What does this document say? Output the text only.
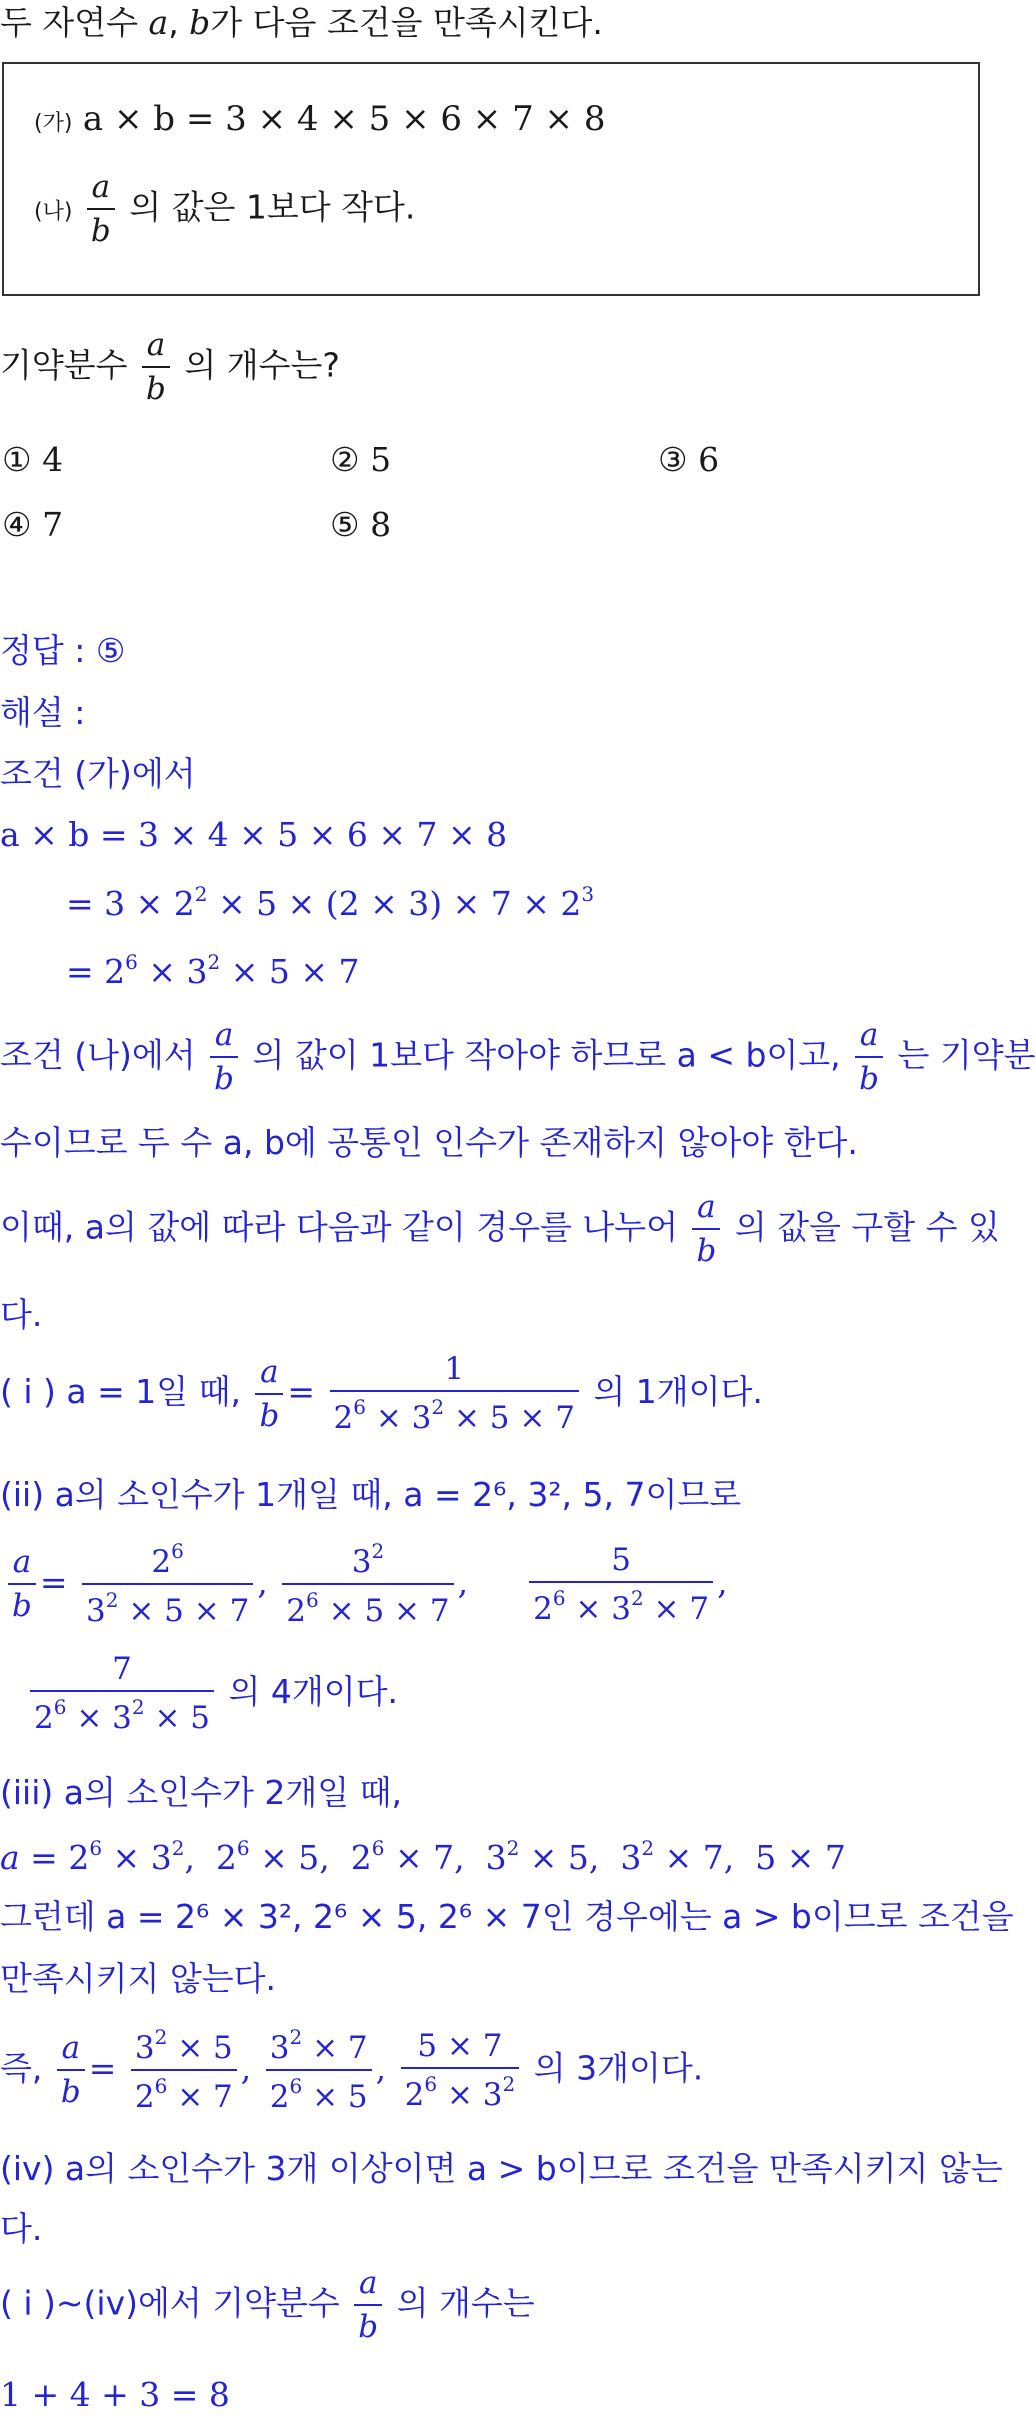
두 자연수 a, b가 다음 조건을 만족시킨다.
(가) a × b = 3 × 4 × 5 × 6 × 7 × 8
(나) $\frac{a}{b}$ 의 값은 1보다 작다.
기약분수 $\frac{a}{b}$ 의 개수는?
① 4	② 5	③ 6
④ 7	⑤ 8
정답 : ⑤
해설 :
조건 (가)에서
a × b = 3 × 4 × 5 × 6 × 7 × 8
= $3 \times 2^2 \times 5 \times (2 \times 3) \times 7 \times 2^3$
= $2^6 \times 3^2 \times 5 \times 7$
조건 (나)에서 $\frac{a}{b}$ 의 값이 1보다 작아야 하므로 a < b이고, $\frac{a}{b}$ 는 기약분
수이므로 두 수 a, b에 공통인 인수가 존재하지 않아야 한다.
이때, a의 값에 따라 다음과 같이 경우를 나누어 $\frac{a}{b}$ 의 값을 구할 수 있
다.
( i ) a = 1일 때, $\frac{a}{b} = \frac{1}{2^6 \times 3^2 \times 5 \times 7}$ 의 1개이다.
(ii) a의 소인수가 1개일 때, a = 2⁶, 3², 5, 7이므로
$\frac{a}{b} = \frac{2^6}{3^2 \times 5 \times 7}$ , $\frac{3^2}{2^6 \times 5 \times 7}$ , $\frac{5}{2^6 \times 3^2 \times 7}$ ,
$\frac{7}{2^6 \times 3^2 \times 5}$ 의 4개이다.
(iii) a의 소인수가 2개일 때,
$a = 2^6 \times 3^2$,  $2^6 \times 5$,  $2^6 \times 7$,  $3^2 \times 5$,  $3^2 \times 7$,  5 × 7
그런데 a = 2⁶ × 3², 2⁶ × 5, 2⁶ × 7인 경우에는 a > b이므로 조건을
만족시키지 않는다.
즉, $\frac{a}{b} = \frac{3^2 \times 5}{2^6 \times 7}$ , $\frac{3^2 \times 7}{2^6 \times 5}$ , $\frac{5 \times 7}{2^6 \times 3^2}$ 의 3개이다.
(iv) a의 소인수가 3개 이상이면 a > b이므로 조건을 만족시키지 않는
다.
( i )~(iv)에서 기약분수 $\frac{a}{b}$ 의 개수는
1 + 4 + 3 = 8
